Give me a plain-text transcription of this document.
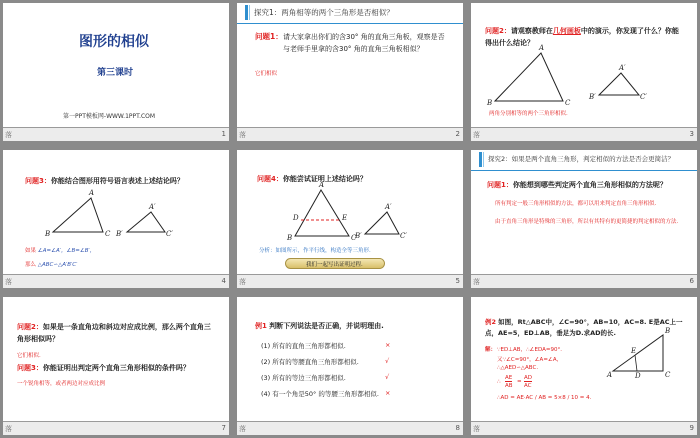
图形的相似
第三课时
第一PPT模板网-WWW.1PPT.COM
落	1
探究1：两角相等的两个三角形是否相似？
问题1： 请大家拿出你们的含30° 角的直角三角板，观察是否与老师手里拿的含30° 角的直角三角板相似？
它们相似
落	2
问题2：请观察教师在几何画板中的演示，你发现了什么？你能得出什么结论？
B
A
C
B′
A′
C′
两角分别相等的两个三角形相似.
落	3
问题3：你能结合图形用符号语言表述上述结论吗？
B
A
C B′
A′
C′
如果 ∠A=∠A′，∠B=∠B′，
那么 △ABC∽△A′B′C′
落	4
问题4：你能尝试证明上述结论吗？
B
A
C
D	E
B′
A′
C′
分析：如图所示，作平行线，构造全等三角形.
我们一起写出证明过程.
落	5
探究2：如果是两个直角三角形，判定相似的方法是否会更简洁？
问题1：你能想到哪些判定两个直角三角形相似的方法呢？
所有判定一般三角形相似的方法，都可以用来判定直角三角形相似.
由于直角三角形是特殊的三角形，所以有其特有的更简捷的判定相似的方法.
落	6
问题2：如果是一条直角边和斜边对应成比例，那么两个直角三角形相似吗？
它们相似.
问题3：你能证明出判定两个直角三角形相似的条件吗？
一个锐角相等，或者两边对应成比例
落	7
例1 判断下列说法是否正确，并说明理由.
(1) 所有的直角三角形都相似.	×
(2) 所有的等腰直角三角形都相似.	√
(3) 所有的等边三角形都相似.	√
(4) 有一个角是50° 的等腰三角形都相似. ×
落	8
例2 如图，Rt△ABC中，∠C=90°，AB=10，AC=8. E是AC上一点，AE=5，ED⊥AB，垂足为D.求AD的长.
解： ∵ED⊥AB，∴∠EDA=90°.
又∵∠C=90°，∠A=∠A，
∴△AED∽△ABC.
∴
AE
AB
=
AD
AC
∴AD = AE·AC / AB = 5×8 / 10 = 4.
A
B
C
E
D
落	9
